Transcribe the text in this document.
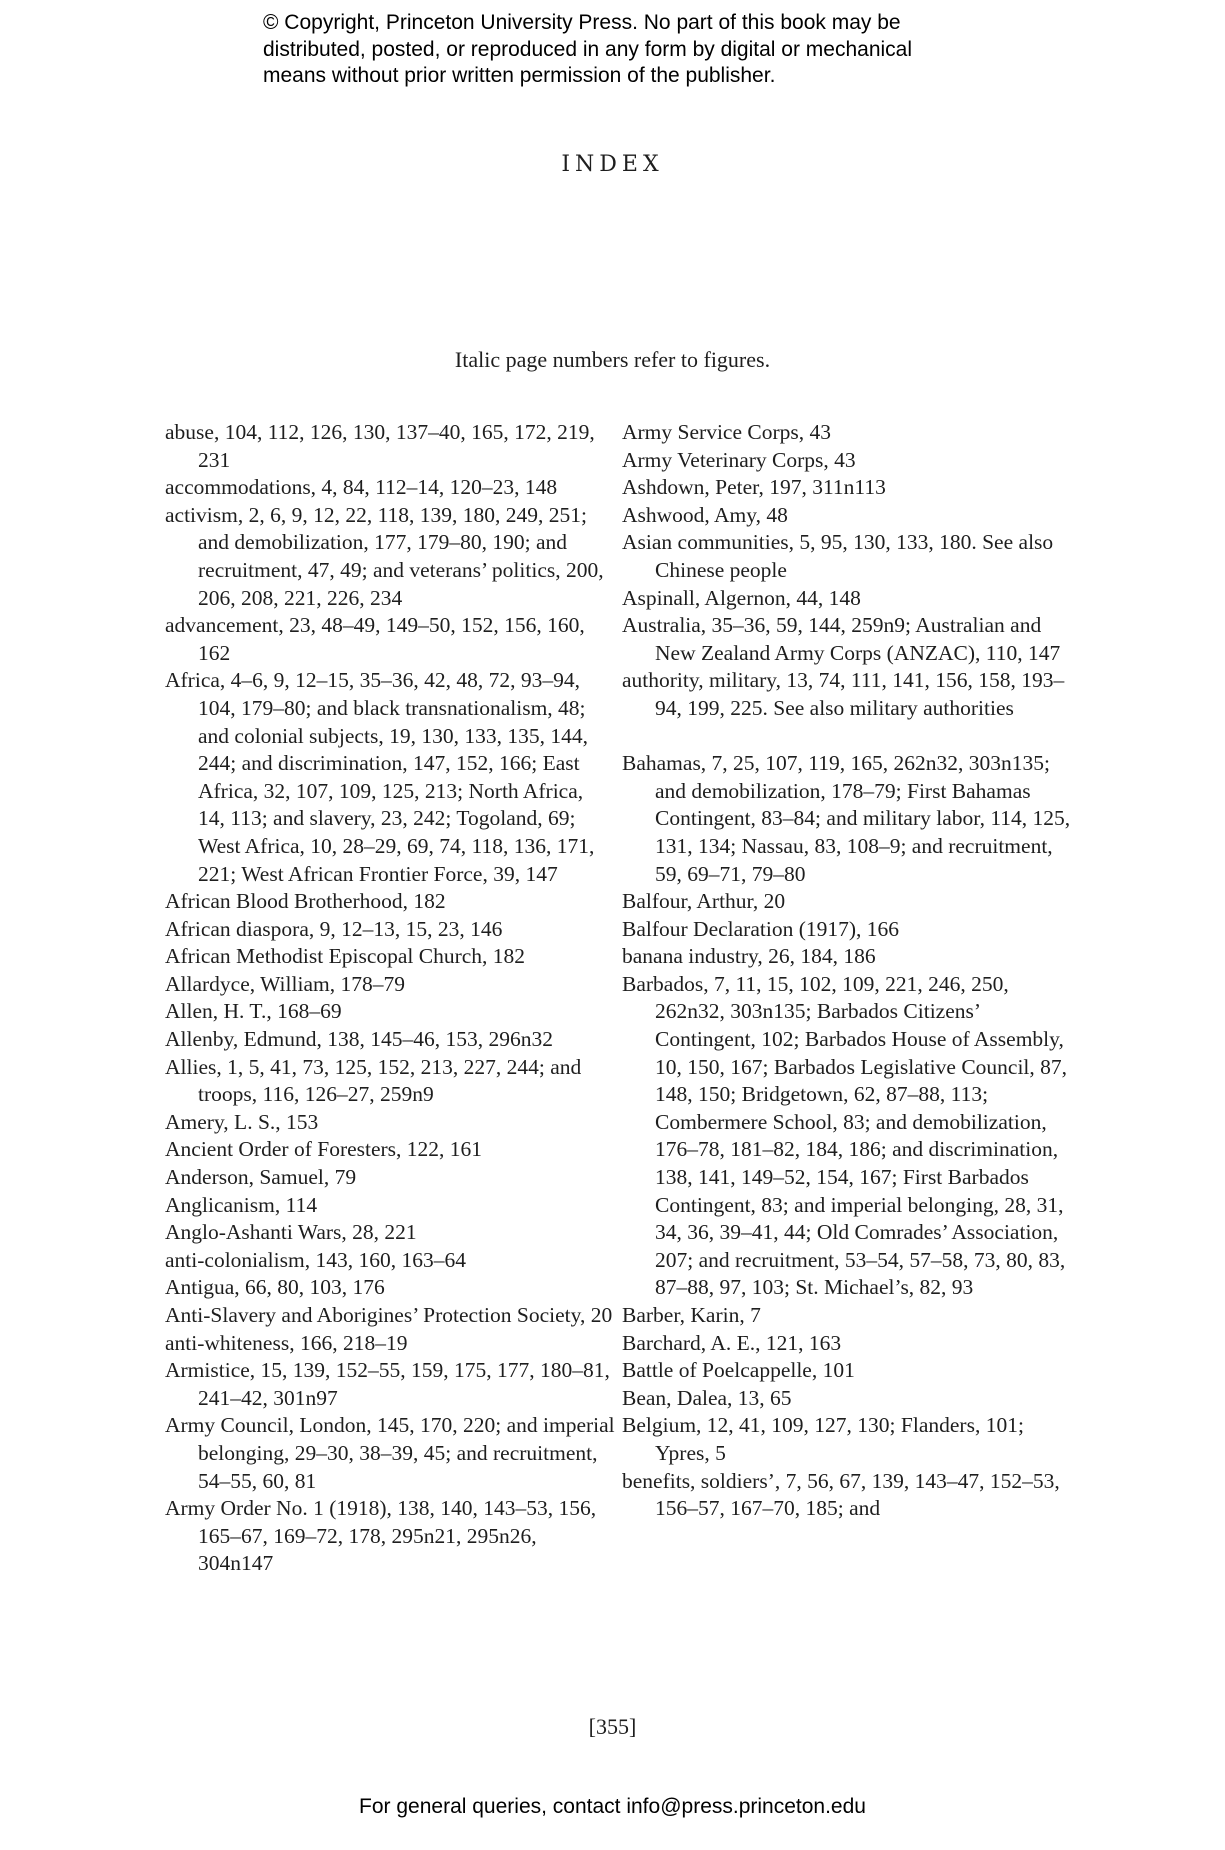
© Copyright, Princeton University Press. No part of this book may be
distributed, posted, or reproduced in any form by digital or mechanical
means without prior written permission of the publisher.
INDEX
Italic page numbers refer to figures.
abuse, 104, 112, 126, 130, 137–40, 165, 172, 219, 231
accommodations, 4, 84, 112–14, 120–23, 148
activism, 2, 6, 9, 12, 22, 118, 139, 180, 249, 251; and demobilization, 177, 179–80, 190; and recruitment, 47, 49; and veterans’ politics, 200, 206, 208, 221, 226, 234
advancement, 23, 48–49, 149–50, 152, 156, 160, 162
Africa, 4–6, 9, 12–15, 35–36, 42, 48, 72, 93–94, 104, 179–80; and black transnationalism, 48; and colonial subjects, 19, 130, 133, 135, 144, 244; and discrimination, 147, 152, 166; East Africa, 32, 107, 109, 125, 213; North Africa, 14, 113; and slavery, 23, 242; Togoland, 69; West Africa, 10, 28–29, 69, 74, 118, 136, 171, 221; West African Frontier Force, 39, 147
African Blood Brotherhood, 182
African diaspora, 9, 12–13, 15, 23, 146
African Methodist Episcopal Church, 182
Allardyce, William, 178–79
Allen, H. T., 168–69
Allenby, Edmund, 138, 145–46, 153, 296n32
Allies, 1, 5, 41, 73, 125, 152, 213, 227, 244; and troops, 116, 126–27, 259n9
Amery, L. S., 153
Ancient Order of Foresters, 122, 161
Anderson, Samuel, 79
Anglicanism, 114
Anglo-Ashanti Wars, 28, 221
anti-colonialism, 143, 160, 163–64
Antigua, 66, 80, 103, 176
Anti-Slavery and Aborigines’ Protection Society, 20
anti-whiteness, 166, 218–19
Armistice, 15, 139, 152–55, 159, 175, 177, 180–81, 241–42, 301n97
Army Council, London, 145, 170, 220; and imperial belonging, 29–30, 38–39, 45; and recruitment, 54–55, 60, 81
Army Order No. 1 (1918), 138, 140, 143–53, 156, 165–67, 169–72, 178, 295n21, 295n26, 304n147
Army Service Corps, 43
Army Veterinary Corps, 43
Ashdown, Peter, 197, 311n113
Ashwood, Amy, 48
Asian communities, 5, 95, 130, 133, 180. See also Chinese people
Aspinall, Algernon, 44, 148
Australia, 35–36, 59, 144, 259n9; Australian and New Zealand Army Corps (ANZAC), 110, 147
authority, military, 13, 74, 111, 141, 156, 158, 193–94, 199, 225. See also military authorities
Bahamas, 7, 25, 107, 119, 165, 262n32, 303n135; and demobilization, 178–79; First Bahamas Contingent, 83–84; and military labor, 114, 125, 131, 134; Nassau, 83, 108–9; and recruitment, 59, 69–71, 79–80
Balfour, Arthur, 20
Balfour Declaration (1917), 166
banana industry, 26, 184, 186
Barbados, 7, 11, 15, 102, 109, 221, 246, 250, 262n32, 303n135; Barbados Citizens’ Contingent, 102; Barbados House of Assembly, 10, 150, 167; Barbados Legislative Council, 87, 148, 150; Bridgetown, 62, 87–88, 113; Combermere School, 83; and demobilization, 176–78, 181–82, 184, 186; and discrimination, 138, 141, 149–52, 154, 167; First Barbados Contingent, 83; and imperial belonging, 28, 31, 34, 36, 39–41, 44; Old Comrades’ Association, 207; and recruitment, 53–54, 57–58, 73, 80, 83, 87–88, 97, 103; St. Michael’s, 82, 93
Barber, Karin, 7
Barchard, A. E., 121, 163
Battle of Poelcappelle, 101
Bean, Dalea, 13, 65
Belgium, 12, 41, 109, 127, 130; Flanders, 101; Ypres, 5
benefits, soldiers’, 7, 56, 67, 139, 143–47, 152–53, 156–57, 167–70, 185; and
[355]
For general queries, contact info@press.princeton.edu
